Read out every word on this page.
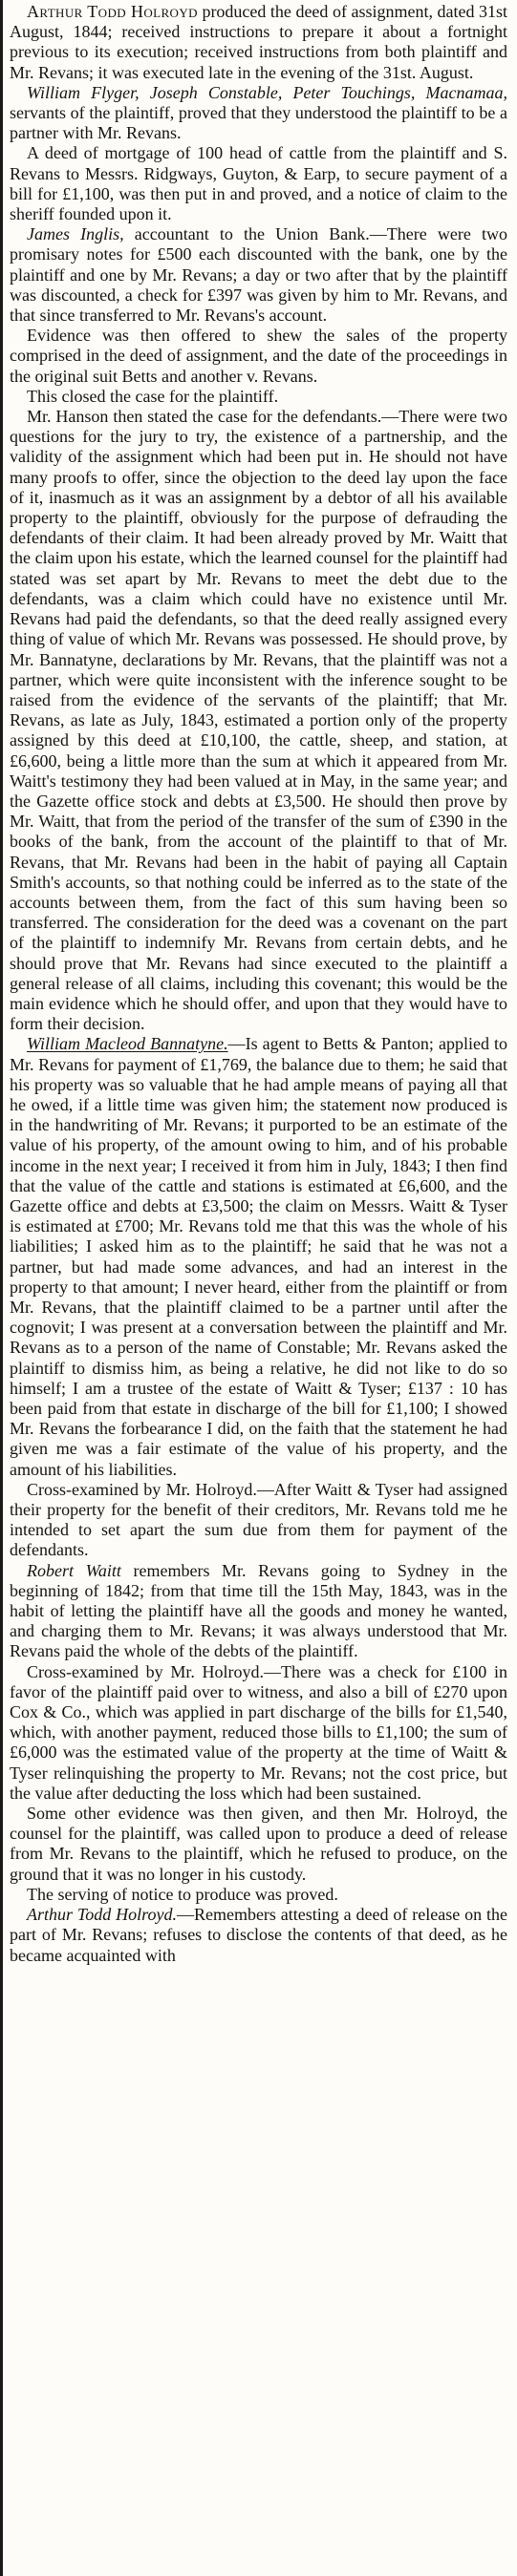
Arthur Todd Holroyd produced the deed of assignment, dated 31st August, 1844; received instructions to prepare it about a fortnight previous to its execution; received instructions from both plaintiff and Mr. Revans; it was executed late in the evening of the 31st. August.

William Flyger, Joseph Constable, Peter Touchings, Macnamaa, servants of the plaintiff, proved that they understood the plaintiff to be a partner with Mr. Revans.

A deed of mortgage of 100 head of cattle from the plaintiff and S. Revans to Messrs. Ridgways, Guyton, & Earp, to secure payment of a bill for £1,100, was then put in and proved, and a notice of claim to the sheriff founded upon it.

James Inglis, accountant to the Union Bank.—There were two promisary notes for £500 each discounted with the bank, one by the plaintiff and one by Mr. Revans; a day or two after that by the plaintiff was discounted, a check for £397 was given by him to Mr. Revans, and that since transferred to Mr. Revans's account.

Evidence was then offered to shew the sales of the property comprised in the deed of assignment, and the date of the proceedings in the original suit Betts and another v. Revans.

This closed the case for the plaintiff.

Mr. Hanson then stated the case for the defendants.—There were two questions for the jury to try, the existence of a partnership, and the validity of the assignment which had been put in. He should not have many proofs to offer, since the objection to the deed lay upon the face of it, inasmuch as it was an assignment by a debtor of all his available property to the plaintiff, obviously for the purpose of defrauding the defendants of their claim. It had been already proved by Mr. Waitt that the claim upon his estate, which the learned counsel for the plaintiff had stated was set apart by Mr. Revans to meet the debt due to the defendants, was a claim which could have no existence until Mr. Revans had paid the defendants, so that the deed really assigned every thing of value of which Mr. Revans was possessed. He should prove, by Mr. Bannatyne, declarations by Mr. Revans, that the plaintiff was not a partner, which were quite inconsistent with the inference sought to be raised from the evidence of the servants of the plaintiff; that Mr. Revans, as late as July, 1843, estimated a portion only of the property assigned by this deed at £10,100, the cattle, sheep, and station, at £6,600, being a little more than the sum at which it appeared from Mr. Waitt's testimony they had been valued at in May, in the same year; and the Gazette office stock and debts at £3,500. He should then prove by Mr. Waitt, that from the period of the transfer of the sum of £390 in the books of the bank, from the account of the plaintiff to that of Mr. Revans, that Mr. Revans had been in the habit of paying all Captain Smith's accounts, so that nothing could be inferred as to the state of the accounts between them, from the fact of this sum having been so transferred. The consideration for the deed was a covenant on the part of the plaintiff to indemnify Mr. Revans from certain debts, and he should prove that Mr. Revans had since executed to the plaintiff a general release of all claims, including this covenant; this would be the main evidence which he should offer, and upon that they would have to form their decision.

William Macleod Bannatyne.—Is agent to Betts & Panton; applied to Mr. Revans for payment of £1,769, the balance due to them; he said that his property was so valuable that he had ample means of paying all that he owed, if a little time was given him; the statement now produced is in the handwriting of Mr. Revans; it purported to be an estimate of the value of his property, of the amount owing to him, and of his probable income in the next year; I received it from him in July, 1843; I then find that the value of the cattle and stations is estimated at £6,600, and the Gazette office and debts at £3,500; the claim on Messrs. Waitt & Tyser is estimated at £700; Mr. Revans told me that this was the whole of his liabilities; I asked him as to the plaintiff; he said that he was not a partner, but had made some advances, and had an interest in the property to that amount; I never heard, either from the plaintiff or from Mr. Revans, that the plaintiff claimed to be a partner until after the cognovit; I was present at a conversation between the plaintiff and Mr. Revans as to a person of the name of Constable; Mr. Revans asked the plaintiff to dismiss him, as being a relative, he did not like to do so himself; I am a trustee of the estate of Waitt & Tyser; £137 : 10 has been paid from that estate in discharge of the bill for £1,100; I showed Mr. Revans the forbearance I did, on the faith that the statement he had given me was a fair estimate of the value of his property, and the amount of his liabilities.

Cross-examined by Mr. Holroyd.—After Waitt & Tyser had assigned their property for the benefit of their creditors, Mr. Revans told me he intended to set apart the sum due from them for payment of the defendants.

Robert Waitt remembers Mr. Revans going to Sydney in the beginning of 1842; from that time till the 15th May, 1843, was in the habit of letting the plaintiff have all the goods and money he wanted, and charging them to Mr. Revans; it was always understood that Mr. Revans paid the whole of the debts of the plaintiff.

Cross-examined by Mr. Holroyd.—There was a check for £100 in favor of the plaintiff paid over to witness, and also a bill of £270 upon Cox & Co., which was applied in part discharge of the bills for £1,540, which, with another payment, reduced those bills to £1,100; the sum of £6,000 was the estimated value of the property at the time of Waitt & Tyser relinquishing the property to Mr. Revans; not the cost price, but the value after deducting the loss which had been sustained.

Some other evidence was then given, and then Mr. Holroyd, the counsel for the plaintiff, was called upon to produce a deed of release from Mr. Revans to the plaintiff, which he refused to produce, on the ground that it was no longer in his custody.

The serving of notice to produce was proved.

Arthur Todd Holroyd.—Remembers attesting a deed of release on the part of Mr. Revans; refuses to disclose the contents of that deed, as he became acquainted with
